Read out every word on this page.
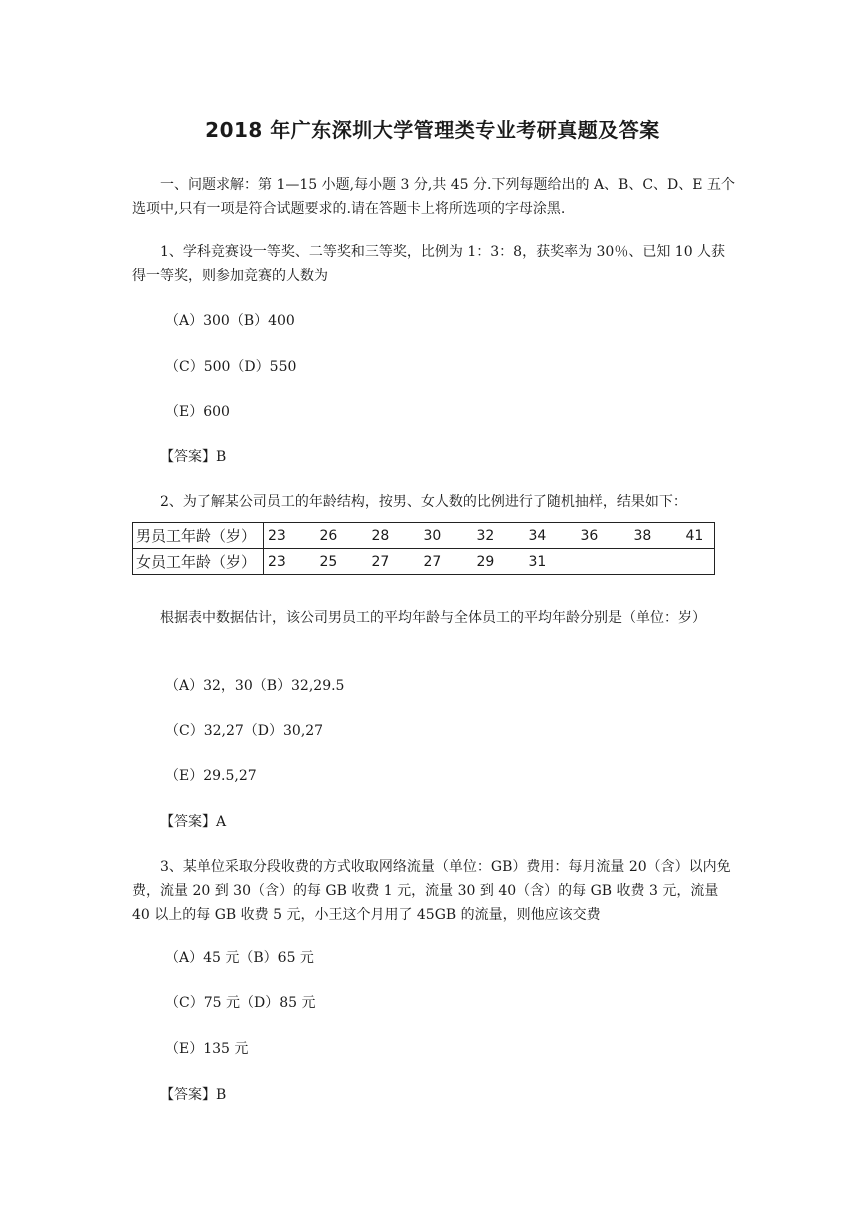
2018 年广东深圳大学管理类专业考研真题及答案
一、问题求解：第 1—15 小题,每小题 3 分,共 45 分.下列每题给出的 A、B、C、D、E 五个选项中,只有一项是符合试题要求的.请在答题卡上将所选项的字母涂黑.
1、学科竞赛设一等奖、二等奖和三等奖，比例为 1：3：8，获奖率为 30％、已知 10 人获得一等奖，则参加竞赛的人数为
（A）300（B）400
（C）500（D）550
（E）600
【答案】B
2、为了解某公司员工的年龄结构，按男、女人数的比例进行了随机抽样，结果如下：
男员工年龄（岁）	23	26	28	30	32	34	36	38	41
女员工年龄（岁）	23	25	27	27	29	31			
根据表中数据估计，该公司男员工的平均年龄与全体员工的平均年龄分别是（单位：岁）
（A）32，30（B）32,29.5
（C）32,27（D）30,27
（E）29.5,27
【答案】A
3、某单位采取分段收费的方式收取网络流量（单位：GB）费用：每月流量 20（含）以内免费，流量 20 到 30（含）的每 GB 收费 1 元，流量 30 到 40（含）的每 GB 收费 3 元，流量 40 以上的每 GB 收费 5 元，小王这个月用了 45GB 的流量，则他应该交费
（A）45 元（B）65 元
（C）75 元（D）85 元
（E）135 元
【答案】B
